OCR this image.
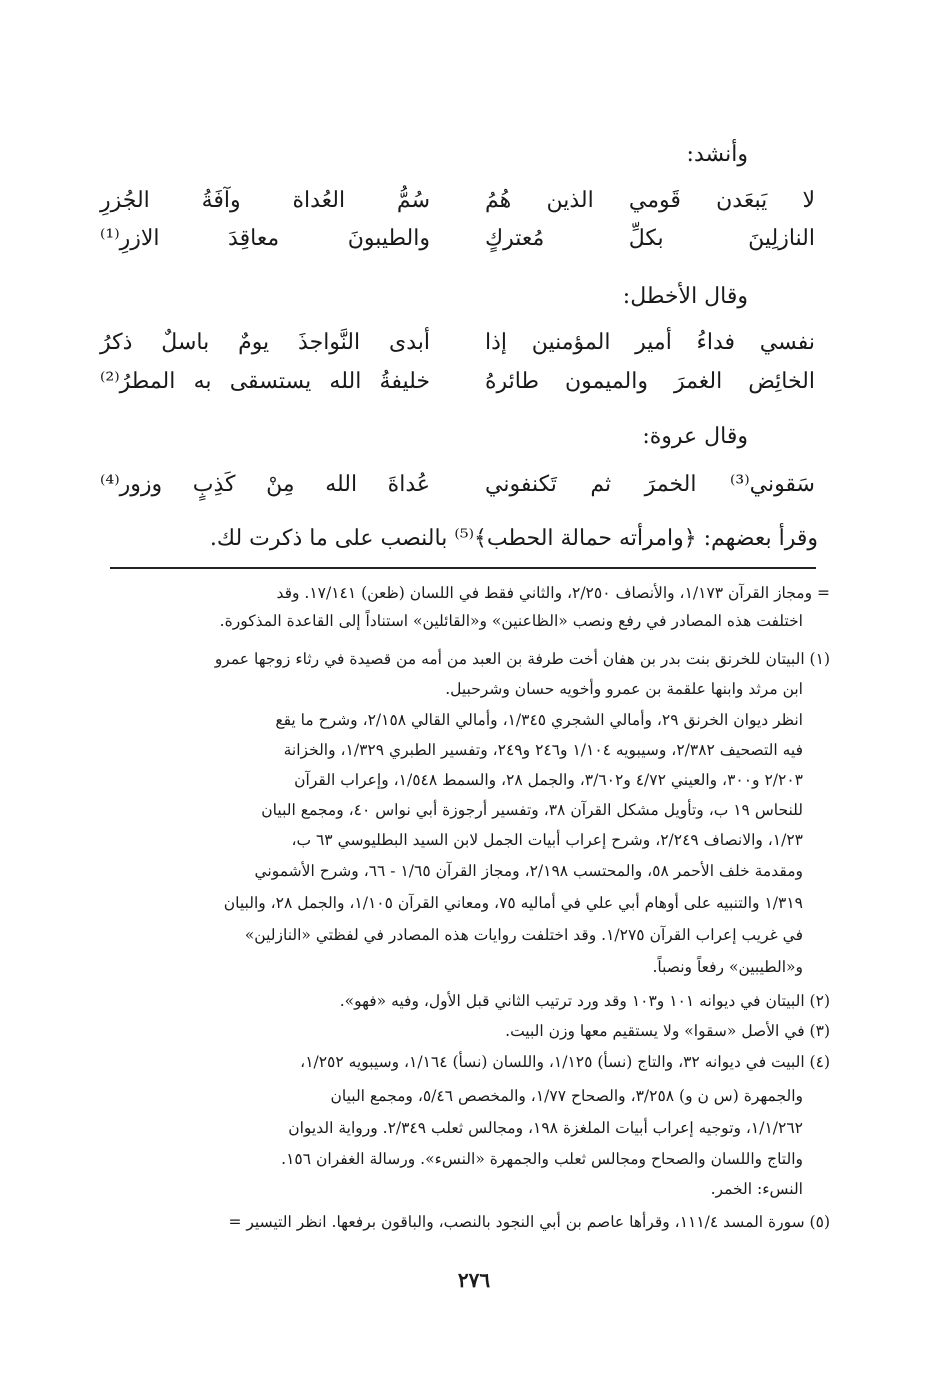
وأنشد:
لا يَبعَدن قَومي الذين هُمُ
سُمُّ العُداة وآفَةُ الجُزرِ
النازلِينَ بكلِّ مُعتركٍ
والطيبونَ معاقِدَ الازرِ⁽¹⁾
وقال الأخطل:
نفسي فداءُ أمير المؤمنين إذا
أبدى النَّواجذَ يومٌ باسلٌ ذكرُ
الخائِض الغمرَ والميمون طائرهُ
خليفةُ الله يستسقى به المطرُ⁽²⁾
وقال عروة:
سَقوني⁽³⁾ الخمرَ ثم تَكنفوني
عُداةَ الله مِنْ كَذِبٍ وزور⁽⁴⁾
وقرأ بعضهم: ﴿وامرأته حمالة الحطب﴾⁽⁵⁾ بالنصب على ما ذكرت لك.
= ومجاز القرآن ١/١٧٣، والأنصاف ٢/٢٥٠، والثاني فقط في اللسان (ظعن) ١٧/١٤١. وقد
اختلفت هذه المصادر في رفع ونصب «الظاعنين» و«القائلين» استناداً إلى القاعدة المذكورة.
(١) البيتان للخرنق بنت بدر بن هفان أخت طرفة بن العبد من أمه من قصيدة في رثاء زوجها عمرو
ابن مرثد وابنها علقمة بن عمرو وأخويه حسان وشرحبيل.
انظر ديوان الخرنق ٢٩، وأمالي الشجري ١/٣٤٥، وأمالي القالي ٢/١٥٨، وشرح ما يقع
فيه التصحيف ٢/٣٨٢، وسيبويه ١/١٠٤ و٢٤٦ و٢٤٩، وتفسير الطبري ١/٣٢٩، والخزانة
٢/٢٠٣ و٣٠٠، والعيني ٤/٧٢ و٣/٦٠٢، والجمل ٢٨، والسمط ١/٥٤٨، وإعراب القرآن
للنحاس ١٩ ب، وتأويل مشكل القرآن ٣٨، وتفسير أرجوزة أبي نواس ٤٠، ومجمع البيان
١/٢٣، والانصاف ٢/٢٤٩، وشرح إعراب أبيات الجمل لابن السيد البطليوسي ٦٣ ب،
ومقدمة خلف الأحمر ٥٨، والمحتسب ٢/١٩٨، ومجاز القرآن ١/٦٥ - ٦٦، وشرح الأشموني
١/٣١٩ والتنبيه على أوهام أبي علي في أماليه ٧٥، ومعاني القرآن ١/١٠٥، والجمل ٢٨، والبيان
في غريب إعراب القرآن ١/٢٧٥. وقد اختلفت روايات هذه المصادر في لفظتي «النازلين»
و«الطيبين» رفعاً ونصباً.
(٢) البيتان في ديوانه ١٠١ و١٠٣ وقد ورد ترتيب الثاني قبل الأول، وفيه «فهو».
(٣) في الأصل «سقوا» ولا يستقيم معها وزن البيت.
(٤) البيت في ديوانه ٣٢، والتاج (نسأ) ١/١٢٥، واللسان (نسأ) ١/١٦٤، وسيبويه ١/٢٥٢،
والجمهرة (س ن و) ٣/٢٥٨، والصحاح ١/٧٧، والمخصص ٥/٤٦، ومجمع البيان
١/١/٢٦٢، وتوجيه إعراب أبيات الملغزة ١٩٨، ومجالس ثعلب ٢/٣٤٩. ورواية الديوان
والتاج واللسان والصحاح ومجالس ثعلب والجمهرة «النسء». ورسالة الغفران ١٥٦.
النسء: الخمر.
(٥) سورة المسد ١١١/٤، وقرأها عاصم بن أبي النجود بالنصب، والباقون برفعها. انظر التيسير =
٢٧٦
